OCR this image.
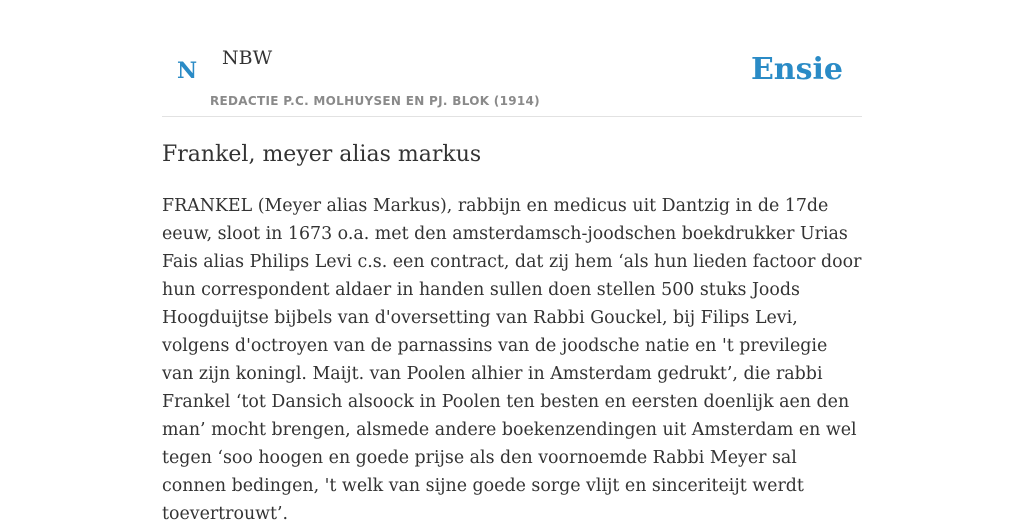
N NBW
REDACTIE P.C. MOLHUYSEN EN PJ. BLOK (1914)
Ensie
Frankel, meyer alias markus

FRANKEL (Meyer alias Markus), rabbijn en medicus uit Dantzig in de 17de eeuw, sloot in 1673 o.a. met den amsterdamsch-joodschen boekdrukker Urias Fais alias Philips Levi c.s. een contract, dat zij hem ‘als hun lieden factoor door hun correspondent aldaer in handen sullen doen stellen 500 stuks Joods Hoogduijtse bijbels van d'oversetting van Rabbi Gouckel, bij Filips Levi, volgens d'octroyen van de parnassins van de joodsche natie en 't previlegie van zijn koningl. Maijt. van Poolen alhier in Amsterdam gedrukt’, die rabbi Frankel ‘tot Dansich alsoock in Poolen ten besten en eersten doenlijk aen den man’ mocht brengen, alsmede andere boekenzendingen uit Amsterdam en wel tegen ‘soo hoogen en goede prijse als den voornoemde Rabbi Meyer sal connen bedingen, 't welk van sijne goede sorge vlijt en sinceriteijt werdt toevertrouwt’.
